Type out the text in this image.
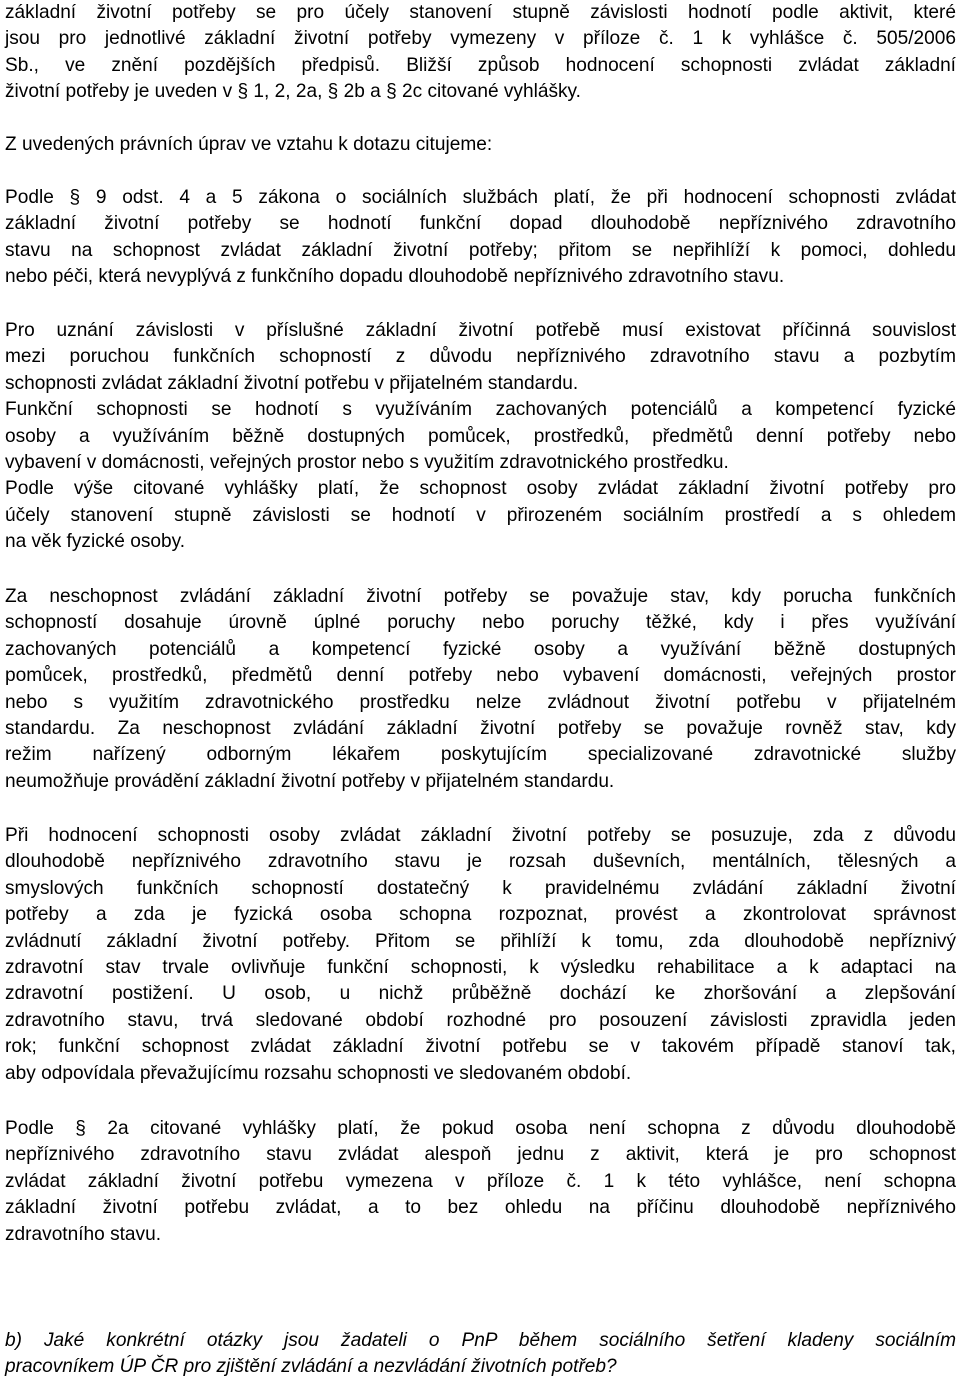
základní životní potřeby se pro účely stanovení stupně závislosti hodnotí podle aktivit, které
jsou pro jednotlivé základní životní potřeby vymezeny v příloze č. 1 k vyhlášce č. 505/2006
Sb., ve znění pozdějších předpisů. Bližší způsob hodnocení schopnosti zvládat základní
životní potřeby je uveden v § 1, 2, 2a, § 2b a § 2c citované vyhlášky.
Z uvedených právních úprav ve vztahu k dotazu citujeme:
Podle § 9 odst. 4 a 5 zákona o sociálních službách platí, že při hodnocení schopnosti zvládat
základní životní potřeby se hodnotí funkční dopad dlouhodobě nepříznivého zdravotního
stavu na schopnost zvládat základní životní potřeby; přitom se nepřihlíží k pomoci, dohledu
nebo péči, která nevyplývá z funkčního dopadu dlouhodobě nepříznivého zdravotního stavu.
Pro uznání závislosti v příslušné základní životní potřebě musí existovat příčinná souvislost
mezi poruchou funkčních schopností z důvodu nepříznivého zdravotního stavu a pozbytím
schopnosti zvládat základní životní potřebu v přijatelném standardu.
Funkční schopnosti se hodnotí s využíváním zachovaných potenciálů a kompetencí fyzické
osoby a využíváním běžně dostupných pomůcek, prostředků, předmětů denní potřeby nebo
vybavení v domácnosti, veřejných prostor nebo s využitím zdravotnického prostředku.
Podle výše citované vyhlášky platí, že schopnost osoby zvládat základní životní potřeby pro
účely stanovení stupně závislosti se hodnotí v přirozeném sociálním prostředí a s ohledem
na věk fyzické osoby.
Za neschopnost zvládání základní životní potřeby se považuje stav, kdy porucha funkčních
schopností dosahuje úrovně úplné poruchy nebo poruchy těžké, kdy i přes využívání
zachovaných potenciálů a kompetencí fyzické osoby a využívání běžně dostupných
pomůcek, prostředků, předmětů denní potřeby nebo vybavení domácnosti, veřejných prostor
nebo s využitím zdravotnického prostředku nelze zvládnout životní potřebu v přijatelném
standardu. Za neschopnost zvládání základní životní potřeby se považuje rovněž stav, kdy
režim nařízený odborným lékařem poskytujícím specializované zdravotnické služby
neumožňuje provádění základní životní potřeby v přijatelném standardu.
Při hodnocení schopnosti osoby zvládat základní životní potřeby se posuzuje, zda z důvodu
dlouhodobě nepříznivého zdravotního stavu je rozsah duševních, mentálních, tělesných a
smyslových funkčních schopností dostatečný k pravidelnému zvládání základní životní
potřeby a zda je fyzická osoba schopna rozpoznat, provést a zkontrolovat správnost
zvládnutí základní životní potřeby. Přitom se přihlíží k tomu, zda dlouhodobě nepříznivý
zdravotní stav trvale ovlivňuje funkční schopnosti, k výsledku rehabilitace a k adaptaci na
zdravotní postižení. U osob, u nichž průběžně dochází ke zhoršování a zlepšování
zdravotního stavu, trvá sledované období rozhodné pro posouzení závislosti zpravidla jeden
rok; funkční schopnost zvládat základní životní potřebu se v takovém případě stanoví tak,
aby odpovídala převažujícímu rozsahu schopnosti ve sledovaném období.
Podle § 2a citované vyhlášky platí, že pokud osoba není schopna z důvodu dlouhodobě
nepříznivého zdravotního stavu zvládat alespoň jednu z aktivit, která je pro schopnost
zvládat základní životní potřebu vymezena v příloze č. 1 k této vyhlášce, není schopna
základní životní potřebu zvládat, a to bez ohledu na příčinu dlouhodobě nepříznivého
zdravotního stavu.
b) Jaké konkrétní otázky jsou žadateli o PnP během sociálního šetření kladeny sociálním
pracovníkem ÚP ČR pro zjištění zvládání a nezvládání životních potřeb?
